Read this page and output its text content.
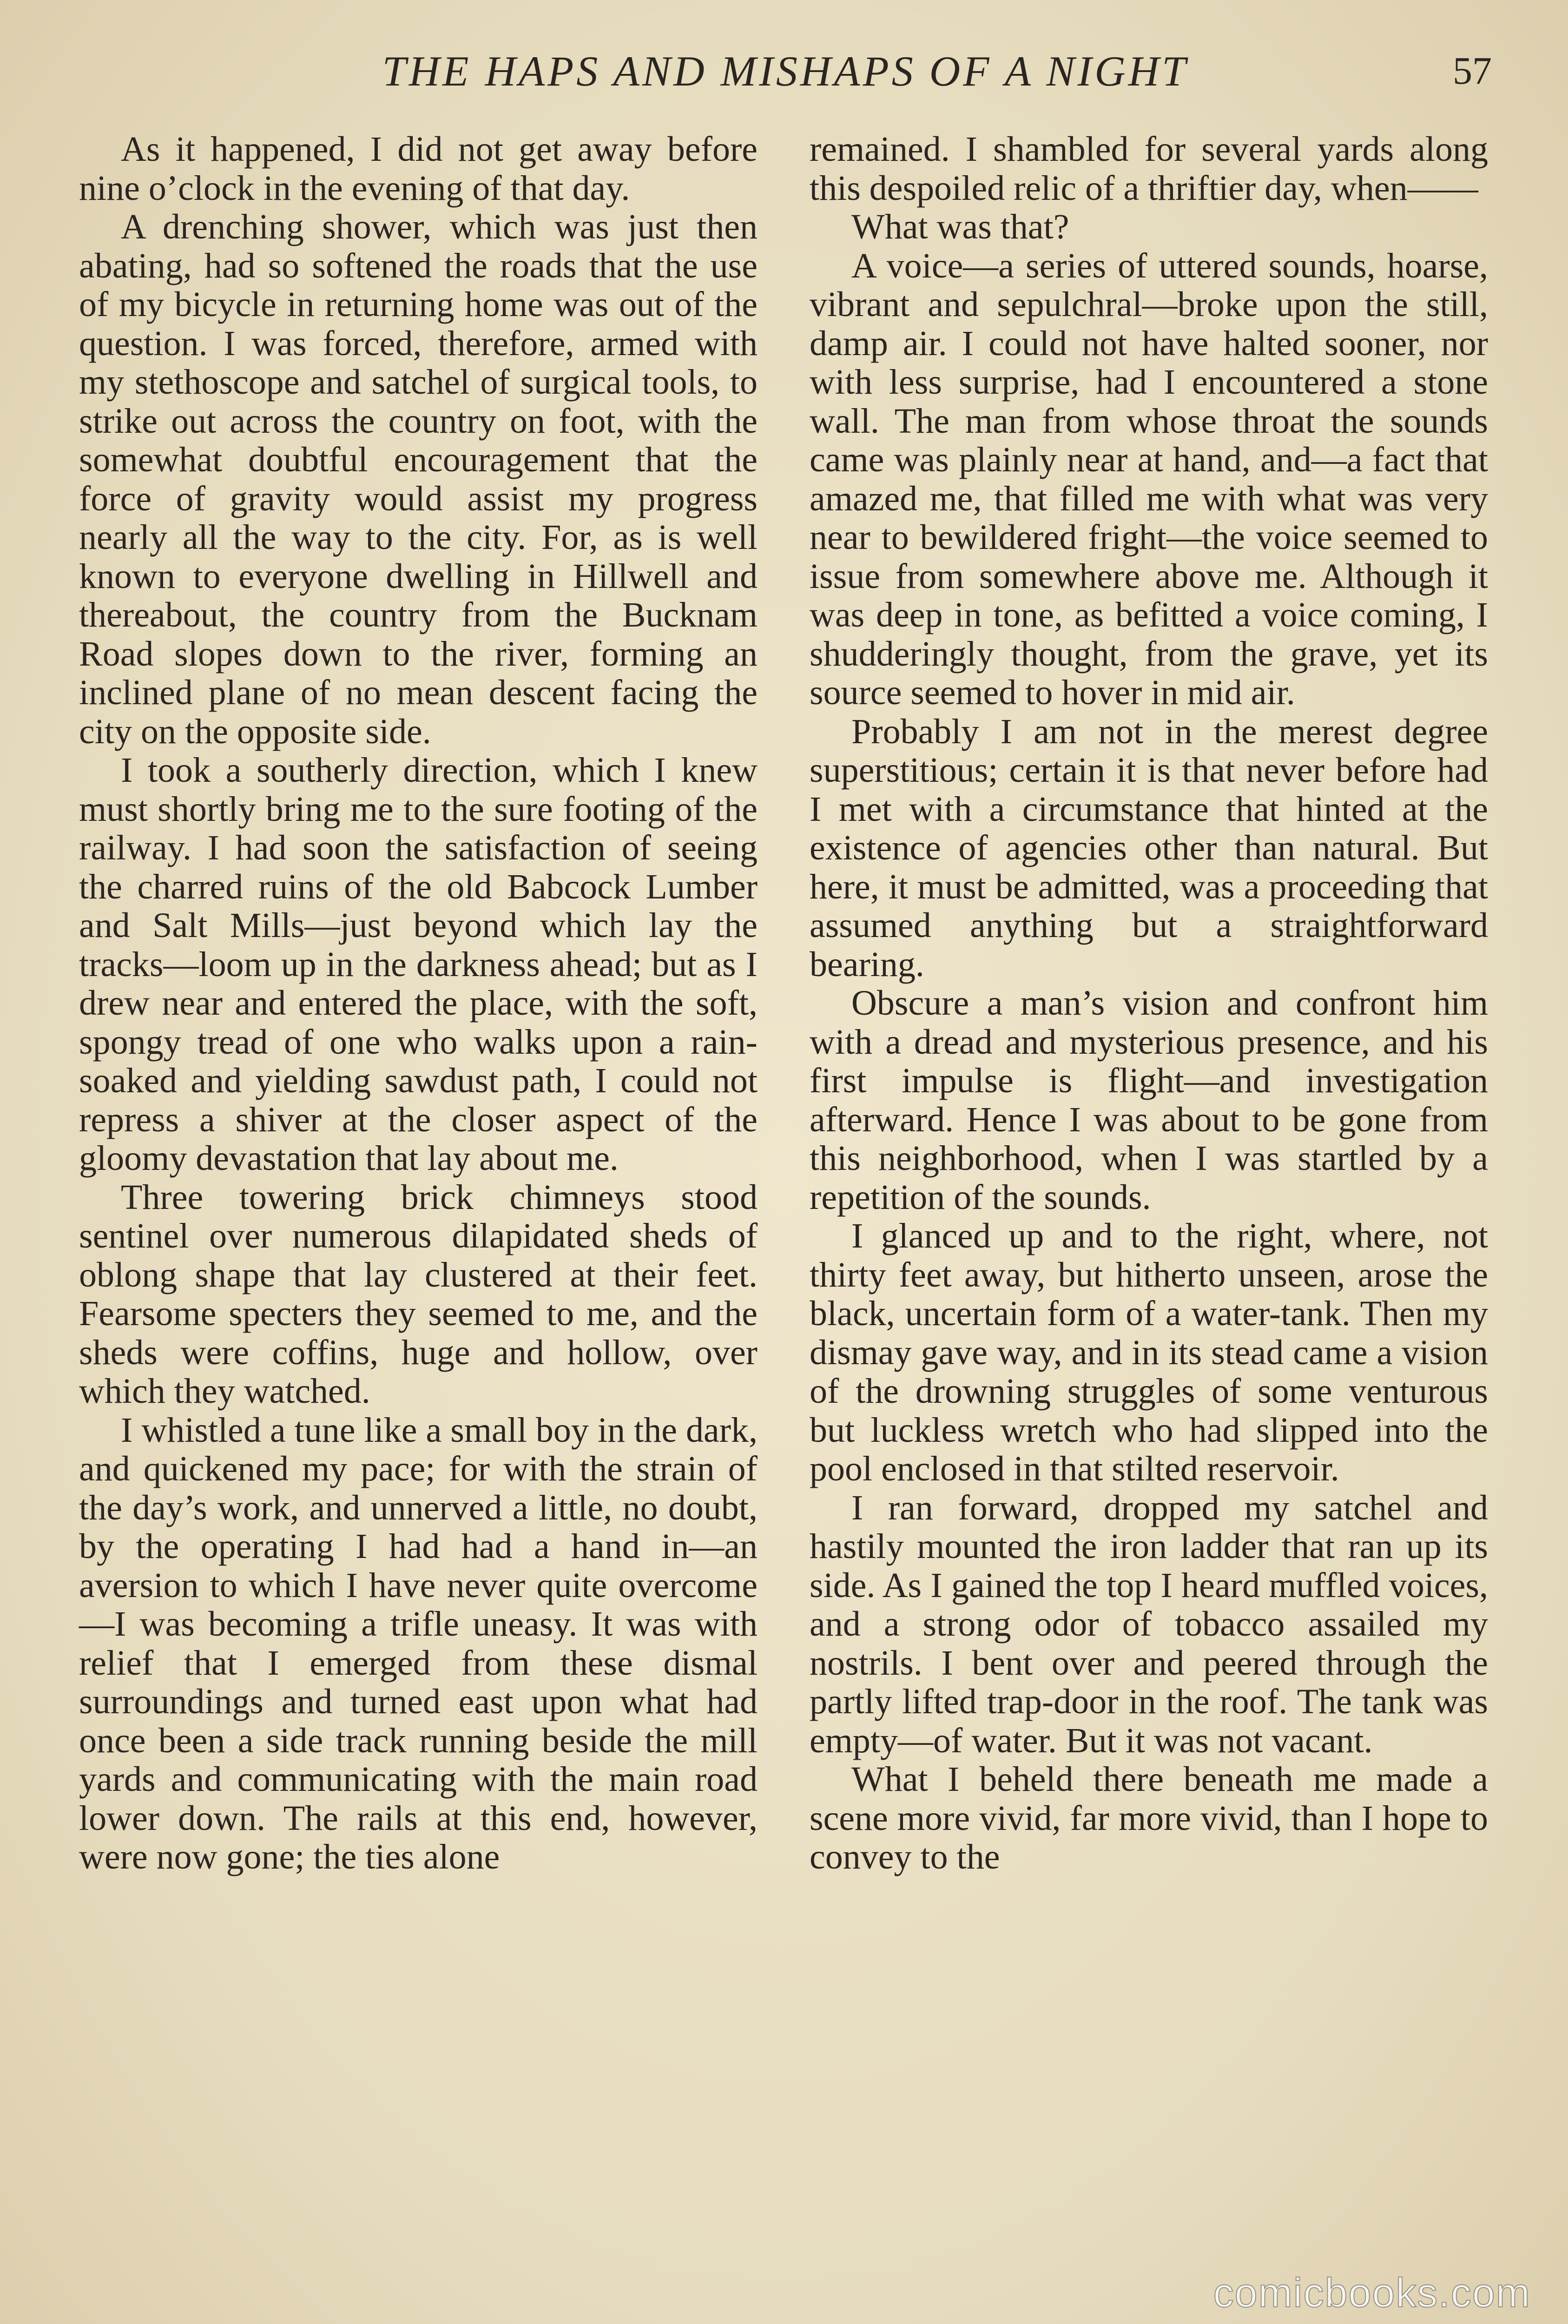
THE HAPS AND MISHAPS OF A NIGHT	57

As it happened, I did not get away before nine o’clock in the evening of that day.

A drenching shower, which was just then abating, had so softened the roads that the use of my bicycle in returning home was out of the question. I was forced, therefore, armed with my stethoscope and satchel of surgical tools, to strike out across the country on foot, with the somewhat doubtful encouragement that the force of gravity would assist my progress nearly all the way to the city. For, as is well known to everyone dwelling in Hillwell and thereabout, the country from the Bucknam Road slopes down to the river, forming an inclined plane of no mean descent facing the city on the opposite side.

I took a southerly direction, which I knew must shortly bring me to the sure footing of the railway. I had soon the satisfaction of seeing the charred ruins of the old Babcock Lumber and Salt Mills—just beyond which lay the tracks—loom up in the darkness ahead; but as I drew near and entered the place, with the soft, spongy tread of one who walks upon a rain-soaked and yielding sawdust path, I could not repress a shiver at the closer aspect of the gloomy devastation that lay about me.

Three towering brick chimneys stood sentinel over numerous dilapidated sheds of oblong shape that lay clustered at their feet. Fearsome specters they seemed to me, and the sheds were coffins, huge and hollow, over which they watched.

I whistled a tune like a small boy in the dark, and quickened my pace; for with the strain of the day’s work, and unnerved a little, no doubt, by the operating I had had a hand in—an aversion to which I have never quite overcome—I was becoming a trifle uneasy. It was with relief that I emerged from these dismal surroundings and turned east upon what had once been a side track running beside the mill yards and communicating with the main road lower down. The rails at this end, however, were now gone; the ties alone

remained. I shambled for several yards along this despoiled relic of a thriftier day, when——

What was that?

A voice—a series of uttered sounds, hoarse, vibrant and sepulchral—broke upon the still, damp air. I could not have halted sooner, nor with less surprise, had I encountered a stone wall. The man from whose throat the sounds came was plainly near at hand, and—a fact that amazed me, that filled me with what was very near to bewildered fright—the voice seemed to issue from somewhere above me. Although it was deep in tone, as befitted a voice coming, I shudderingly thought, from the grave, yet its source seemed to hover in mid air.

Probably I am not in the merest degree superstitious; certain it is that never before had I met with a circumstance that hinted at the existence of agencies other than natural. But here, it must be admitted, was a proceeding that assumed anything but a straightforward bearing.

Obscure a man’s vision and confront him with a dread and mysterious presence, and his first impulse is flight—and investigation afterward. Hence I was about to be gone from this neighborhood, when I was startled by a repetition of the sounds.

I glanced up and to the right, where, not thirty feet away, but hitherto unseen, arose the black, uncertain form of a water-tank. Then my dismay gave way, and in its stead came a vision of the drowning struggles of some venturous but luckless wretch who had slipped into the pool enclosed in that stilted reservoir.

I ran forward, dropped my satchel and hastily mounted the iron ladder that ran up its side. As I gained the top I heard muffled voices, and a strong odor of tobacco assailed my nostrils. I bent over and peered through the partly lifted trap-door in the roof. The tank was empty—of water. But it was not vacant.

What I beheld there beneath me made a scene more vivid, far more vivid, than I hope to convey to the

comicbooks.com
